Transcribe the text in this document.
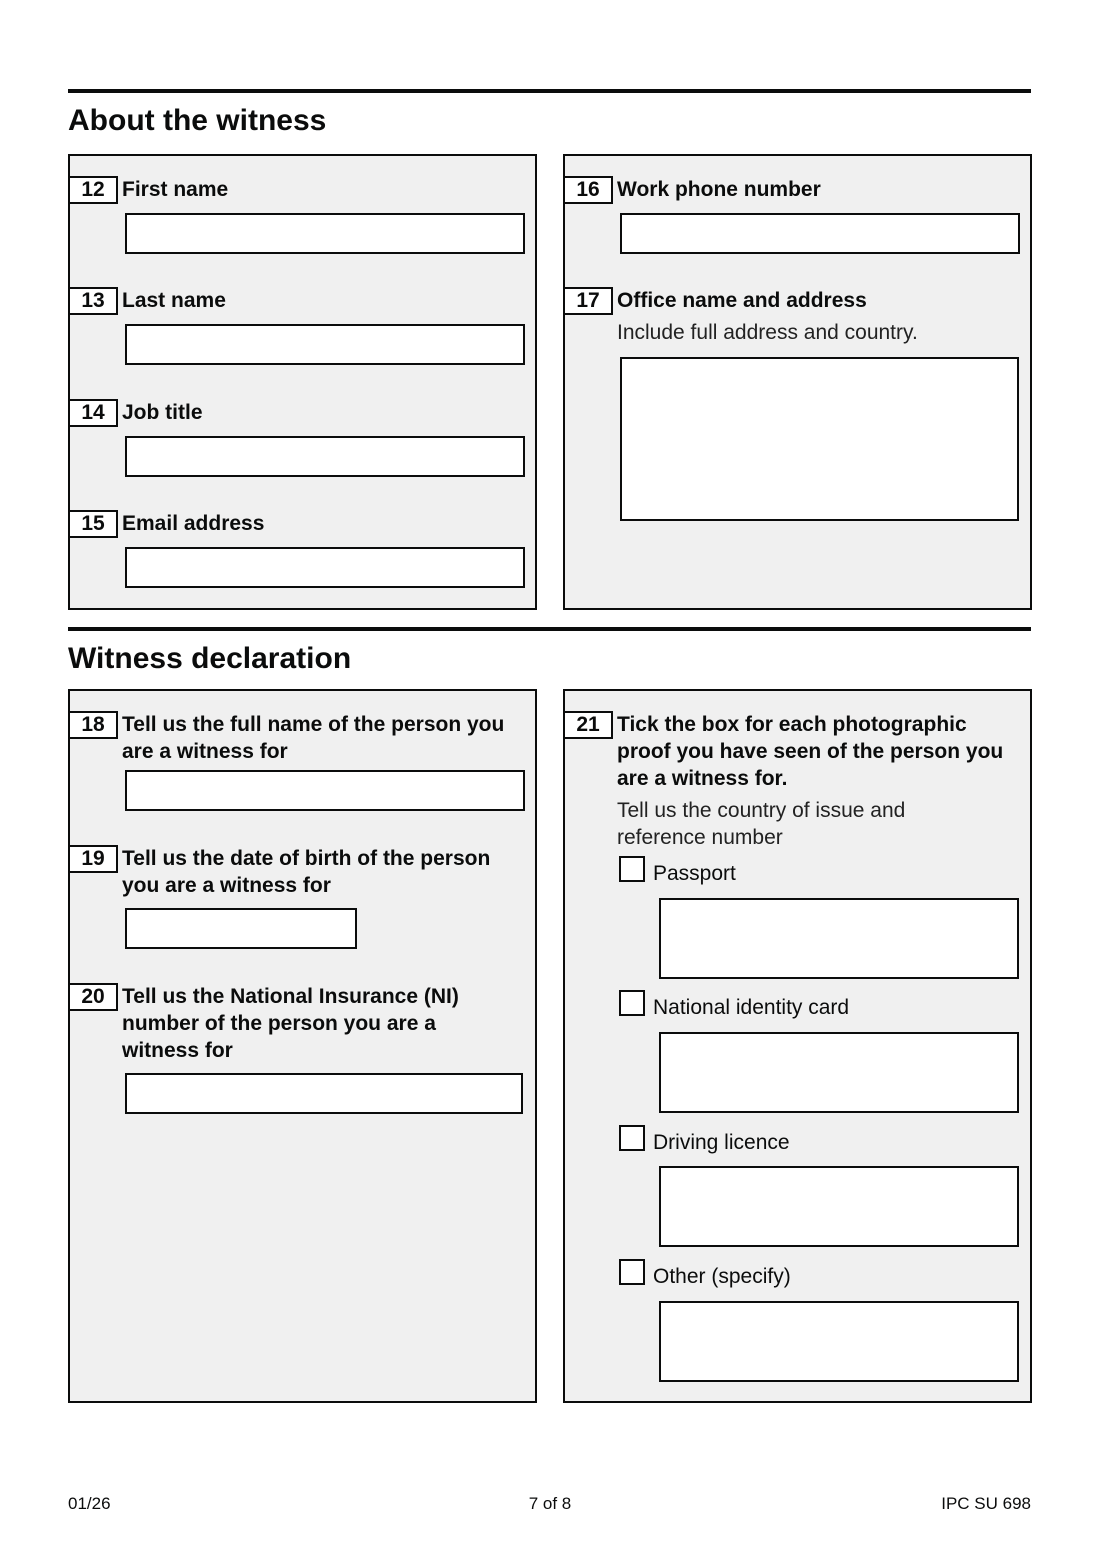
About the witness
12 First name

13 Last name

14 Job title

15 Email address

16 Work phone number

17 Office name and address

Include full address and country.

Witness declaration
18 Tell us the full name of the person you

are a witness for

19 Tell us the date of birth of the person

you are a witness for

20 Tell us the National Insurance (NI)

number of the person you are a

witness for

21 Tick the box for each photographic

proof you have seen of the person you

are a witness for.

Tell us the country of issue and

reference number

Passport

National identity card

Driving licence

Other (specify)

01/26	7 of 8	IPC SU 698
